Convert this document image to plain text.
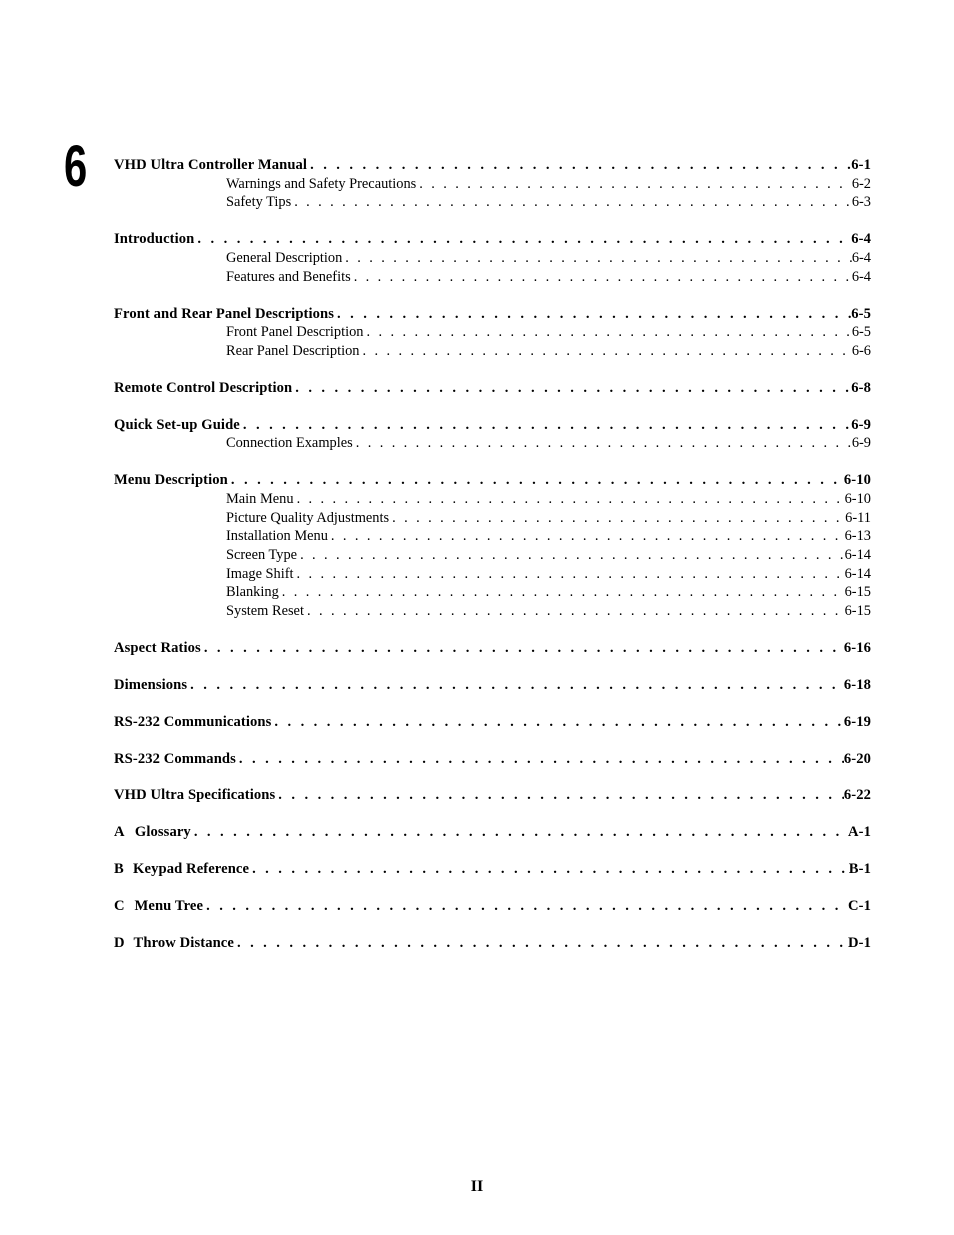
6 VHD Ultra Controller Manual . . .	6-1
Warnings and Safety Precautions . . .	6-2
Safety Tips . . .	6-3
Introduction . . .	6-4
General Description . . .	6-4
Features and Benefits . . .	6-4
Front and Rear Panel Descriptions . . .	6-5
Front Panel Description . . .	6-5
Rear Panel Description . . .	6-6
Remote Control Description . . .	6-8
Quick Set-up Guide . . .	6-9
Connection Examples . . .	6-9
Menu Description . . .	6-10
Main Menu . . .	6-10
Picture Quality Adjustments . . .	6-11
Installation Menu . . .	6-13
Screen Type . . .	6-14
Image Shift . . .	6-14
Blanking . . .	6-15
System Reset . . .	6-15
Aspect Ratios . . .	6-16
Dimensions . . .	6-18
RS-232 Communications . . .	6-19
RS-232 Commands . . .	6-20
VHD Ultra Specifications . . .	6-22
A Glossary . . .	A-1
B Keypad Reference . . .	B-1
C Menu Tree . . .	C-1
D Throw Distance . . .	D-1
II
